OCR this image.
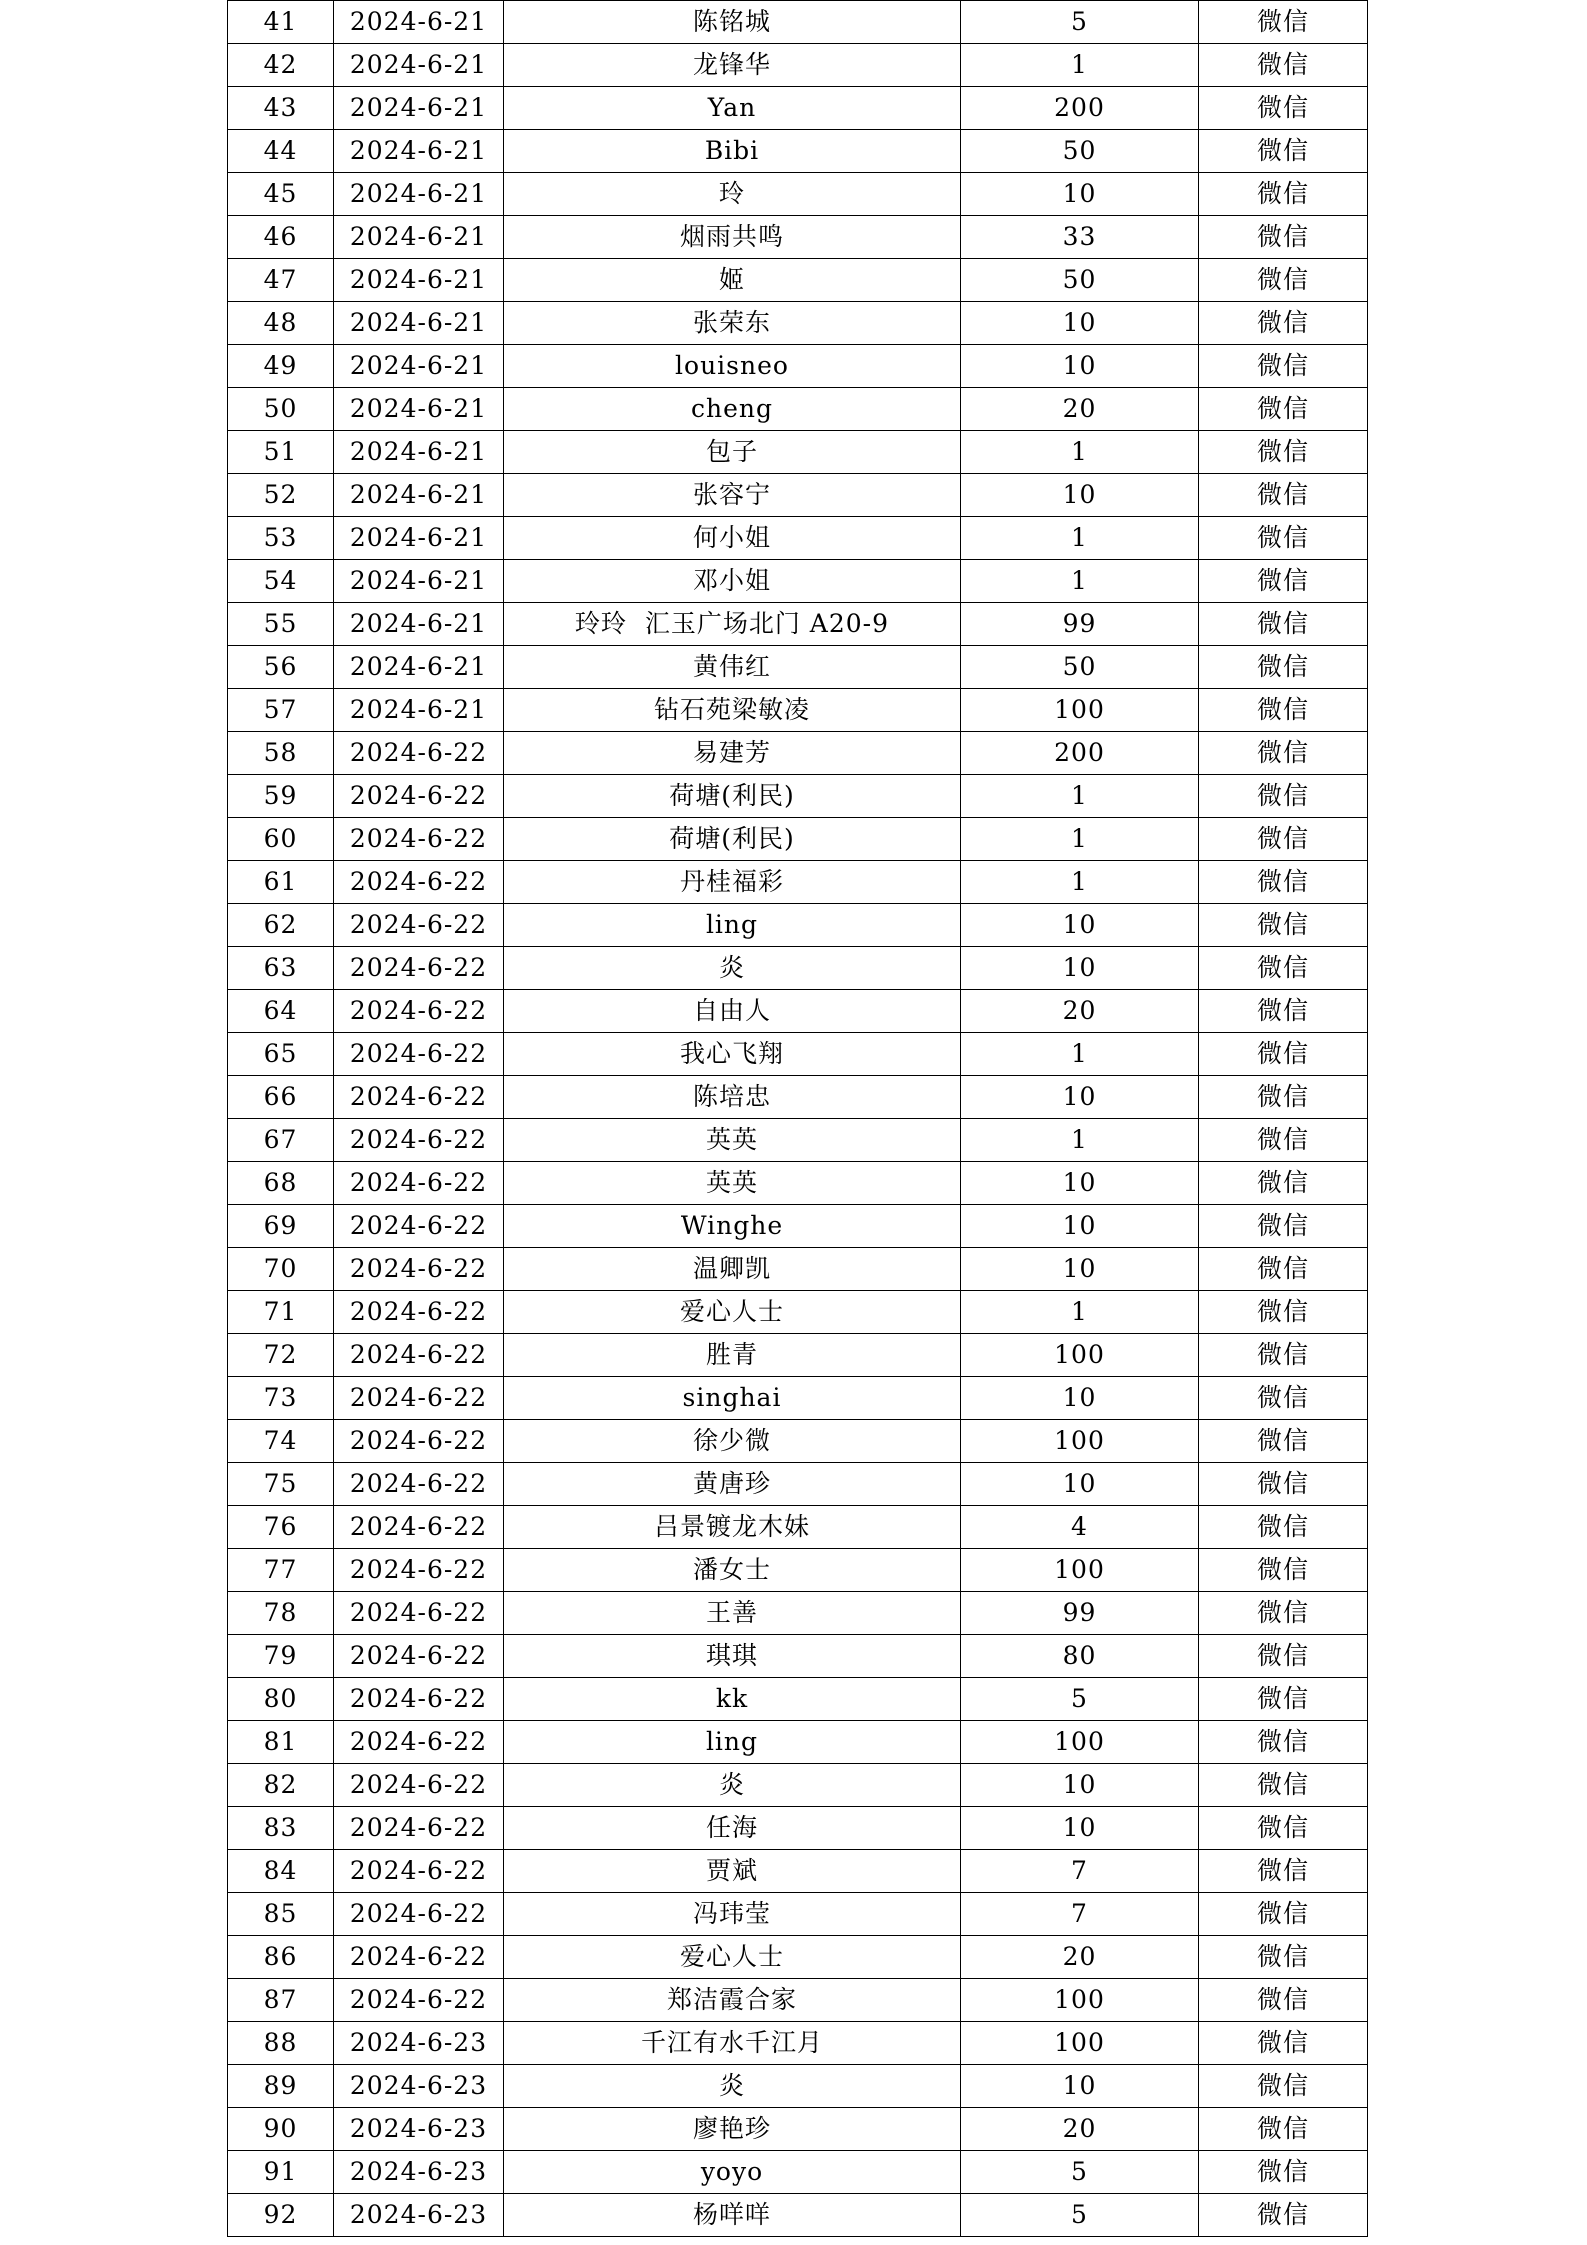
41	2024-6-21	陈铭城	5	微信
42	2024-6-21	龙锋华	1	微信
43	2024-6-21	Yan	200	微信
44	2024-6-21	Bibi	50	微信
45	2024-6-21	玲	10	微信
46	2024-6-21	烟雨共鸣	33	微信
47	2024-6-21	姬	50	微信
48	2024-6-21	张荣东	10	微信
49	2024-6-21	louisneo	10	微信
50	2024-6-21	cheng	20	微信
51	2024-6-21	包子	1	微信
52	2024-6-21	张容宁	10	微信
53	2024-6-21	何小姐	1	微信
54	2024-6-21	邓小姐	1	微信
55	2024-6-21	玲玲  汇玉广场北门 A20-9	99	微信
56	2024-6-21	黄伟红	50	微信
57	2024-6-21	钻石苑梁敏凌	100	微信
58	2024-6-22	易建芳	200	微信
59	2024-6-22	荷塘(利民)	1	微信
60	2024-6-22	荷塘(利民)	1	微信
61	2024-6-22	丹桂福彩	1	微信
62	2024-6-22	ling	10	微信
63	2024-6-22	炎	10	微信
64	2024-6-22	自由人	20	微信
65	2024-6-22	我心飞翔	1	微信
66	2024-6-22	陈培忠	10	微信
67	2024-6-22	英英	1	微信
68	2024-6-22	英英	10	微信
69	2024-6-22	Winghe	10	微信
70	2024-6-22	温卿凯	10	微信
71	2024-6-22	爱心人士	1	微信
72	2024-6-22	胜青	100	微信
73	2024-6-22	singhai	10	微信
74	2024-6-22	徐少微	100	微信
75	2024-6-22	黄唐珍	10	微信
76	2024-6-22	吕景镀龙木妹	4	微信
77	2024-6-22	潘女士	100	微信
78	2024-6-22	王善	99	微信
79	2024-6-22	琪琪	80	微信
80	2024-6-22	kk	5	微信
81	2024-6-22	ling	100	微信
82	2024-6-22	炎	10	微信
83	2024-6-22	任海	10	微信
84	2024-6-22	贾斌	7	微信
85	2024-6-22	冯玮莹	7	微信
86	2024-6-22	爱心人士	20	微信
87	2024-6-22	郑洁霞合家	100	微信
88	2024-6-23	千江有水千江月	100	微信
89	2024-6-23	炎	10	微信
90	2024-6-23	廖艳珍	20	微信
91	2024-6-23	yoyo	5	微信
92	2024-6-23	杨咩咩	5	微信
